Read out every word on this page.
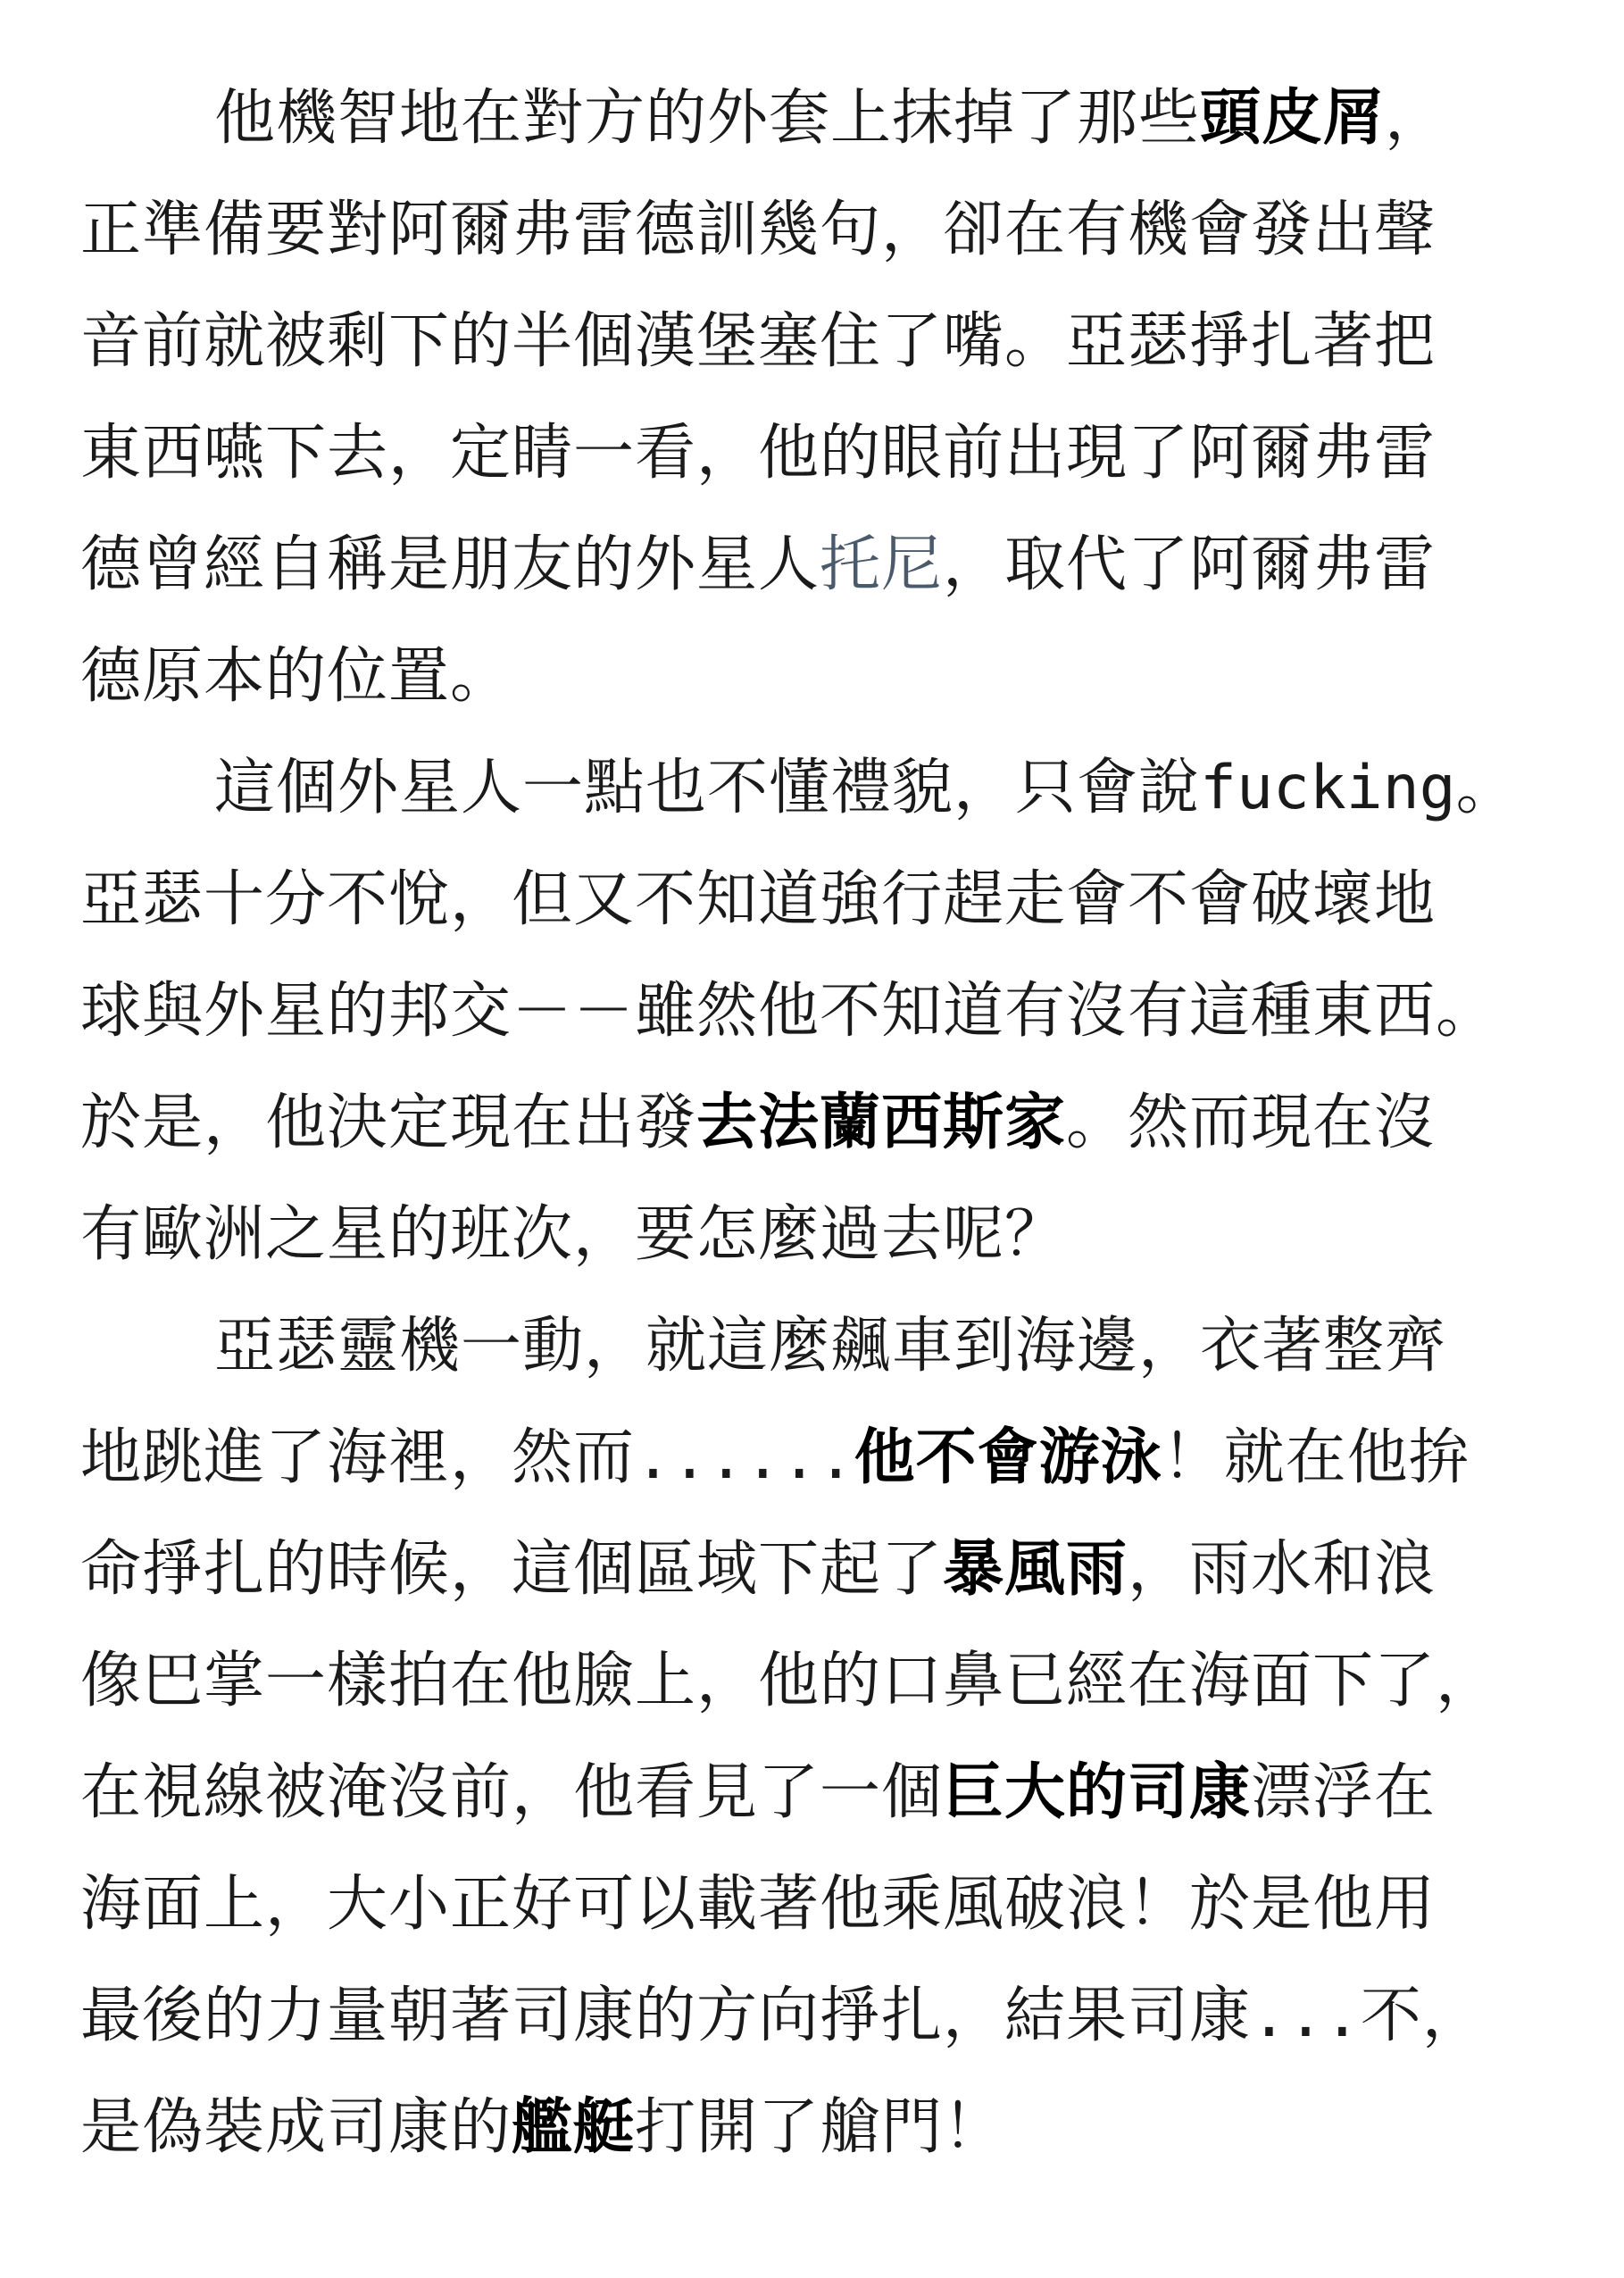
他機智地在對方的外套上抹掉了那些頭皮屑，
正準備要對阿爾弗雷德訓幾句，卻在有機會發出聲
音前就被剩下的半個漢堡塞住了嘴。亞瑟掙扎著把
東西嚥下去，定睛一看，他的眼前出現了阿爾弗雷
德曾經自稱是朋友的外星人托尼，取代了阿爾弗雷
德原本的位置。
這個外星人一點也不懂禮貌，只會說fucking。
亞瑟十分不悅，但又不知道強行趕走會不會破壞地
球與外星的邦交－－雖然他不知道有沒有這種東西。
於是，他決定現在出發去法蘭西斯家。然而現在沒
有歐洲之星的班次，要怎麼過去呢？
亞瑟靈機一動，就這麼飆車到海邊，衣著整齊
地跳進了海裡，然而......他不會游泳！就在他拚
命掙扎的時候，這個區域下起了暴風雨，雨水和浪
像巴掌一樣拍在他臉上，他的口鼻已經在海面下了，
在視線被淹沒前，他看見了一個巨大的司康漂浮在
海面上，大小正好可以載著他乘風破浪！於是他用
最後的力量朝著司康的方向掙扎，結果司康...不，
是偽裝成司康的艦艇打開了艙門！
